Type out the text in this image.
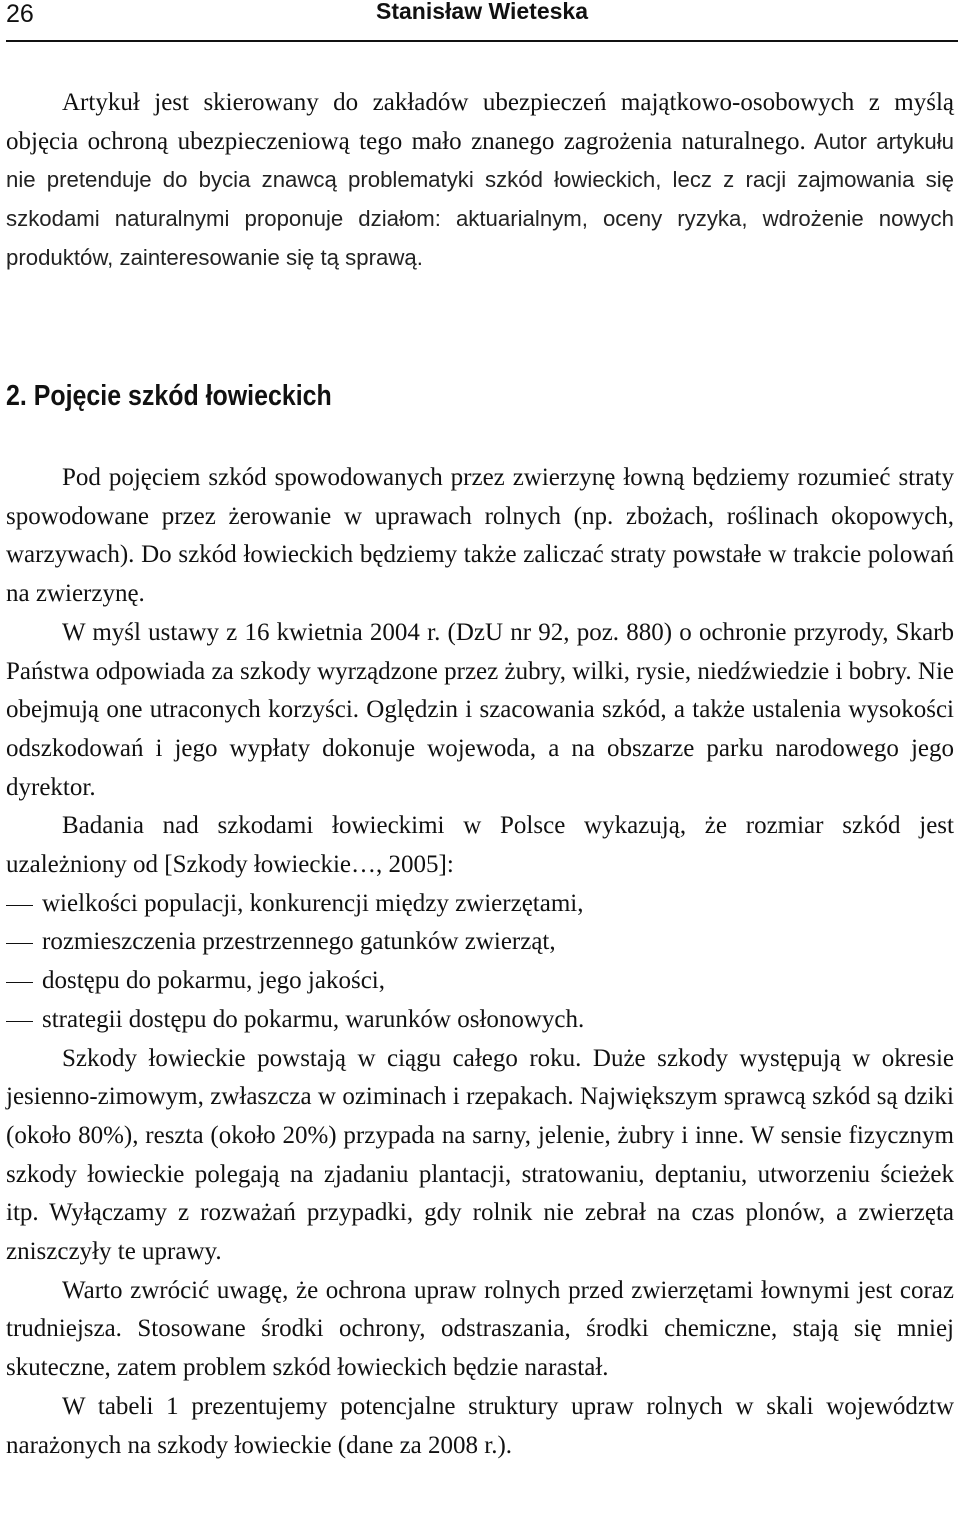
26	Stanisław Wieteska

Artykuł jest skierowany do zakładów ubezpieczeń majątkowo-osobowych z myślą objęcia ochroną ubezpieczeniową tego mało znanego zagrożenia naturalnego. Autor artykułu nie pretenduje do bycia znawcą problematyki szkód łowieckich, lecz z racji zajmowania się szkodami naturalnymi proponuje działom: aktuarialnym, oceny ryzyka, wdrożenie nowych produktów, zainteresowanie się tą sprawą.

2. Pojęcie szkód łowieckich

Pod pojęciem szkód spowodowanych przez zwierzynę łowną będziemy rozumieć straty spowodowane przez żerowanie w uprawach rolnych (np. zbożach, roślinach okopowych, warzywach). Do szkód łowieckich będziemy także zaliczać straty powstałe w trakcie polowań na zwierzynę.

W myśl ustawy z 16 kwietnia 2004 r. (DzU nr 92, poz. 880) o ochronie przyrody, Skarb Państwa odpowiada za szkody wyrządzone przez żubry, wilki, rysie, niedźwiedzie i bobry. Nie obejmują one utraconych korzyści. Oględzin i szacowania szkód, a także ustalenia wysokości odszkodowań i jego wypłaty dokonuje wojewoda, a na obszarze parku narodowego jego dyrektor.

Badania nad szkodami łowieckimi w Polsce wykazują, że rozmiar szkód jest uzależniony od [Szkody łowieckie…, 2005]:

wielkości populacji, konkurencji między zwierzętami,
rozmieszczenia przestrzennego gatunków zwierząt,
dostępu do pokarmu, jego jakości,
strategii dostępu do pokarmu, warunków osłonowych.

Szkody łowieckie powstają w ciągu całego roku. Duże szkody występują w okresie jesienno-zimowym, zwłaszcza w oziminach i rzepakach. Największym sprawcą szkód są dziki (około 80%), reszta (około 20%) przypada na sarny, jelenie, żubry i inne. W sensie fizycznym szkody łowieckie polegają na zjadaniu plantacji, stratowaniu, deptaniu, utworzeniu ścieżek itp. Wyłączamy z rozważań przypadki, gdy rolnik nie zebrał na czas plonów, a zwierzęta zniszczyły te uprawy.

Warto zwrócić uwagę, że ochrona upraw rolnych przed zwierzętami łownymi jest coraz trudniejsza. Stosowane środki ochrony, odstraszania, środki chemiczne, stają się mniej skuteczne, zatem problem szkód łowieckich będzie narastał.

W tabeli 1 prezentujemy potencjalne struktury upraw rolnych w skali województw narażonych na szkody łowieckie (dane za 2008 r.).
